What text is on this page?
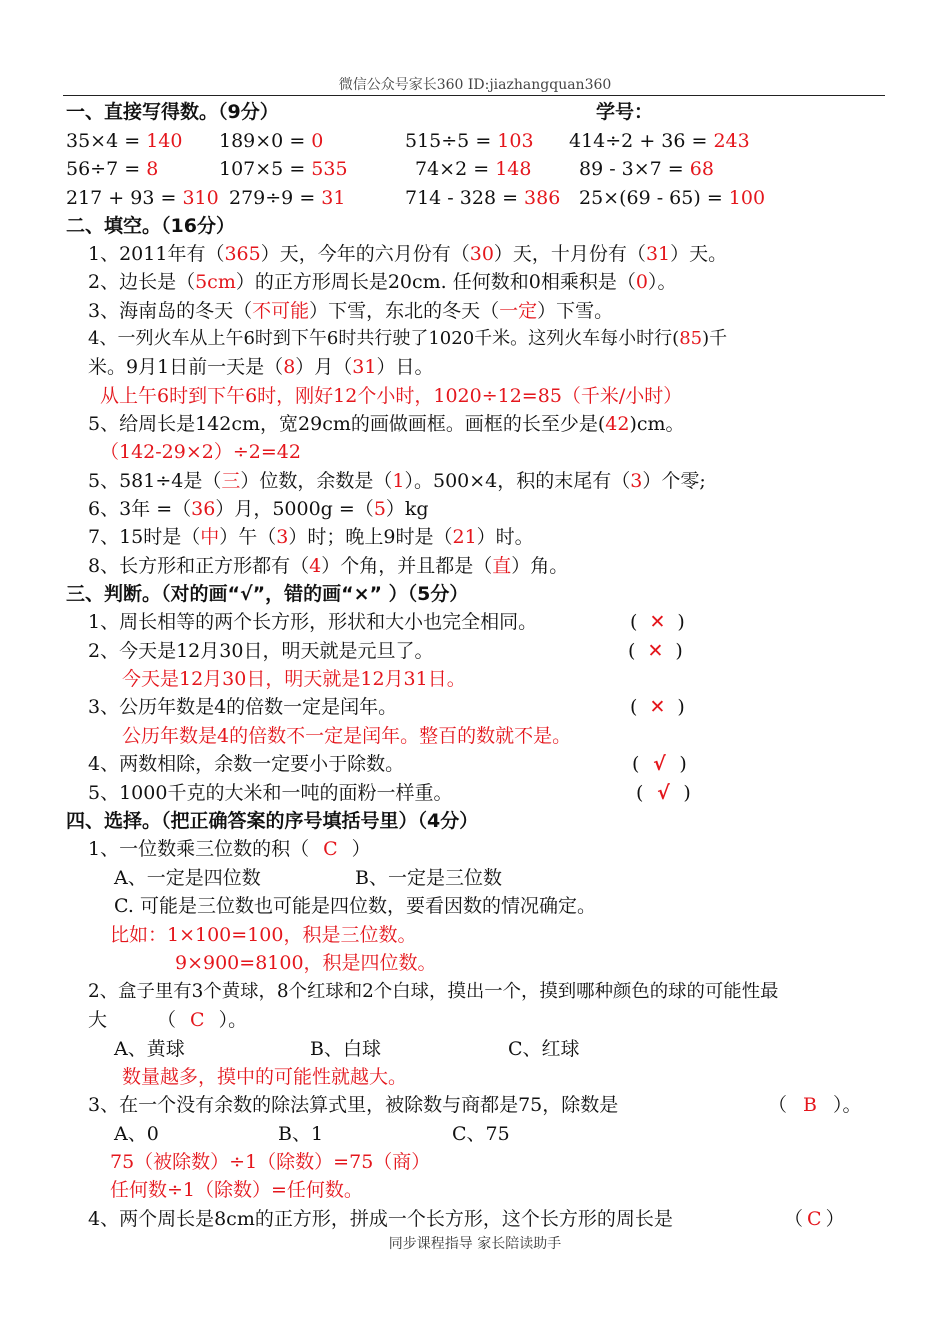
微信公众号家长360 ID:jiazhangquan360
一、直接写得数。（9分）	学号：
35×4 = 140 189×0 = 0	515÷5 = 103 414÷2 + 36 = 243
56÷7 = 8	107×5 = 535	74×2 = 148	89 - 3×7 = 68
217 + 93 = 310 279÷9 = 31	714 - 328 = 386 25×(69 - 65) = 100
二、填空。（16分）
1、2011年有（365）天，今年的六月份有（30）天，十月份有（31）天。
2、边长是（5cm）的正方形周长是20cm. 任何数和0相乘积是（0）。
3、海南岛的冬天（不可能）下雪，东北的冬天（一定）下雪。
4、一列火车从上午6时到下午6时共行驶了1020千米。这列火车每小时行(85)千
米。9月1日前一天是（8）月（31）日。
从上午6时到下午6时，刚好12个小时，1020÷12=85（千米/小时）
5、给周长是142cm，宽29cm的画做画框。画框的长至少是(42)cm。
（142-29×2）÷2=42
5、581÷4是（三）位数，余数是（1）。500×4，积的末尾有（3）个零;
6、3年 =（36）月，5000g =（5）kg
7、15时是（中）午（3）时；晚上9时是（21）时。
8、长方形和正方形都有（4）个角，并且都是（直）角。
三、判断。（对的画“√”，错的画“×” ）（5分）
1、周长相等的两个长方形，形状和大小也完全相同。	( ✕ )
2、今天是12月30日，明天就是元旦了。	( ✕ )
今天是12月30日，明天就是12月31日。
3、公历年数是4的倍数一定是闰年。	( ✕ )
公历年数是4的倍数不一定是闰年。整百的数就不是。
4、两数相除，余数一定要小于除数。	( √ )
5、1000千克的大米和一吨的面粉一样重。	( √ )
四、选择。（把正确答案的序号填括号里）（4分）
1、一位数乘三位数的积（ C ）
A、一定是四位数	B、一定是三位数
C. 可能是三位数也可能是四位数，要看因数的情况确定。
比如：1×100=100，积是三位数。
9×900=8100，积是四位数。
2、盒子里有3个黄球，8个红球和2个白球，摸出一个，摸到哪种颜色的球的可能性最
大	（ C ）。
A、黄球	B、白球	C、红球
数量越多，摸中的可能性就越大。
3、在一个没有余数的除法算式里，被除数与商都是75，除数是	（ B ）。
A、0	B、1	C、75
75（被除数）÷1（除数）=75（商）
任何数÷1（除数）=任何数。
4、两个周长是8cm的正方形，拼成一个长方形，这个长方形的周长是	（ C ）
同步课程指导 家长陪读助手
